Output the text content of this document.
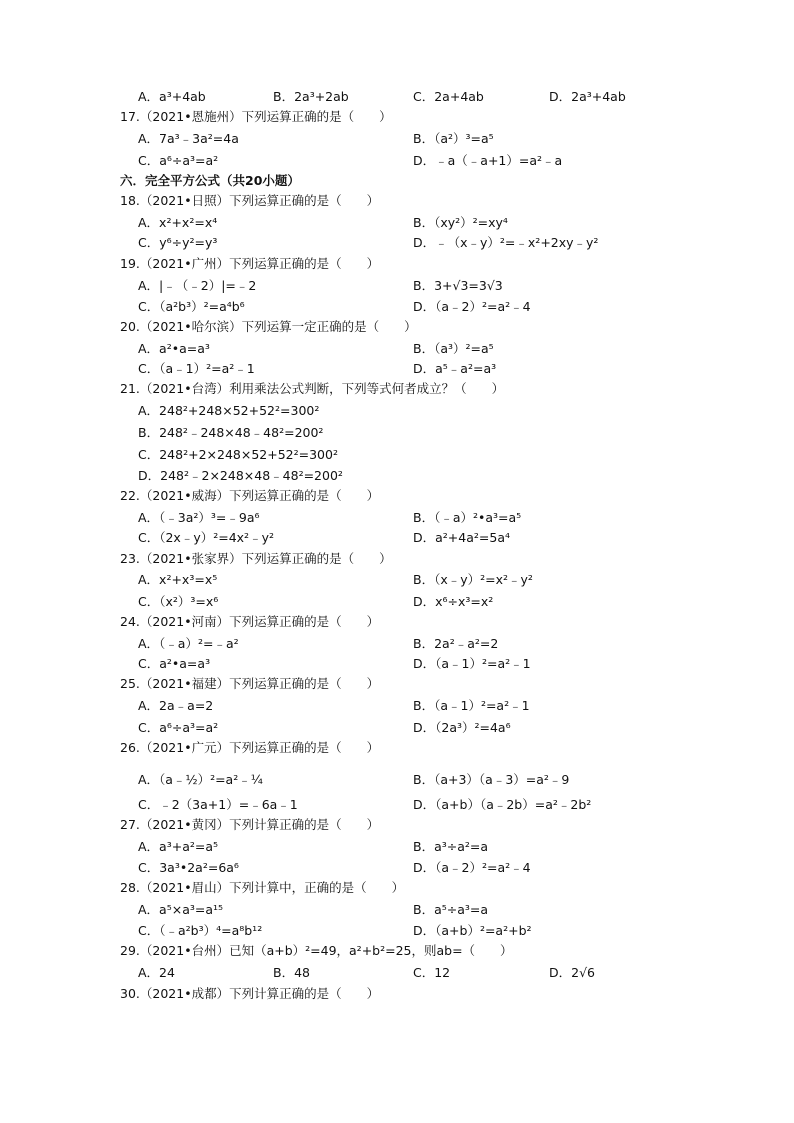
A．a³+4ab	B．2a³+2ab	C．2a+4ab	D．2a³+4ab
17.（2021•恩施州）下列运算正确的是（　　）
A．7a³﹣3a²=4a	B．（a²）³=a⁵
C．a⁶÷a³=a²	D．﹣a（﹣a+1）=a²﹣a
六．完全平方公式（共20小题）
18.（2021•日照）下列运算正确的是（　　）
A．x²+x²=x⁴	B．（xy²）²=xy⁴
C．y⁶÷y²=y³	D．﹣（x﹣y）²=﹣x²+2xy﹣y²
19.（2021•广州）下列运算正确的是（　　）
A．|﹣（﹣2）|=﹣2	B．3+√3=3√3
C．（a²b³）²=a⁴b⁶	D．（a﹣2）²=a²﹣4
20.（2021•哈尔滨）下列运算一定正确的是（　　）
A．a²•a=a³	B．（a³）²=a⁵
C．（a﹣1）²=a²﹣1	D．a⁵﹣a²=a³
21.（2021•台湾）利用乘法公式判断，下列等式何者成立？（　　）
A．248²+248×52+52²=300²
B．248²﹣248×48﹣48²=200²
C．248²+2×248×52+52²=300²
D．248²﹣2×248×48﹣48²=200²
22.（2021•威海）下列运算正确的是（　　）
A．（﹣3a²）³=﹣9a⁶	B．（﹣a）²•a³=a⁵
C．（2x﹣y）²=4x²﹣y²	D．a²+4a²=5a⁴
23.（2021•张家界）下列运算正确的是（　　）
A．x²+x³=x⁵	B．（x﹣y）²=x²﹣y²
C．（x²）³=x⁶	D．x⁶÷x³=x²
24.（2021•河南）下列运算正确的是（　　）
A．（﹣a）²=﹣a²	B．2a²﹣a²=2
C．a²•a=a³	D．（a﹣1）²=a²﹣1
25.（2021•福建）下列运算正确的是（　　）
A．2a﹣a=2	B．（a﹣1）²=a²﹣1
C．a⁶÷a³=a²	D．（2a³）²=4a⁶
26.（2021•广元）下列运算正确的是（　　）
A．（a﹣½）²=a²﹣¼	B．（a+3）（a﹣3）=a²﹣9
C．﹣2（3a+1）=﹣6a﹣1	D．（a+b）（a﹣2b）=a²﹣2b²
27.（2021•黄冈）下列计算正确的是（　　）
A．a³+a²=a⁵	B．a³÷a²=a
C．3a³•2a²=6a⁶	D．（a﹣2）²=a²﹣4
28.（2021•眉山）下列计算中，正确的是（　　）
A．a⁵×a³=a¹⁵	B．a⁵÷a³=a
C．（﹣a²b³）⁴=a⁸b¹²	D．（a+b）²=a²+b²
29.（2021•台州）已知（a+b）²=49，a²+b²=25，则ab=（　　）
A．24	B．48	C．12	D．2√6
30.（2021•成都）下列计算正确的是（　　）
